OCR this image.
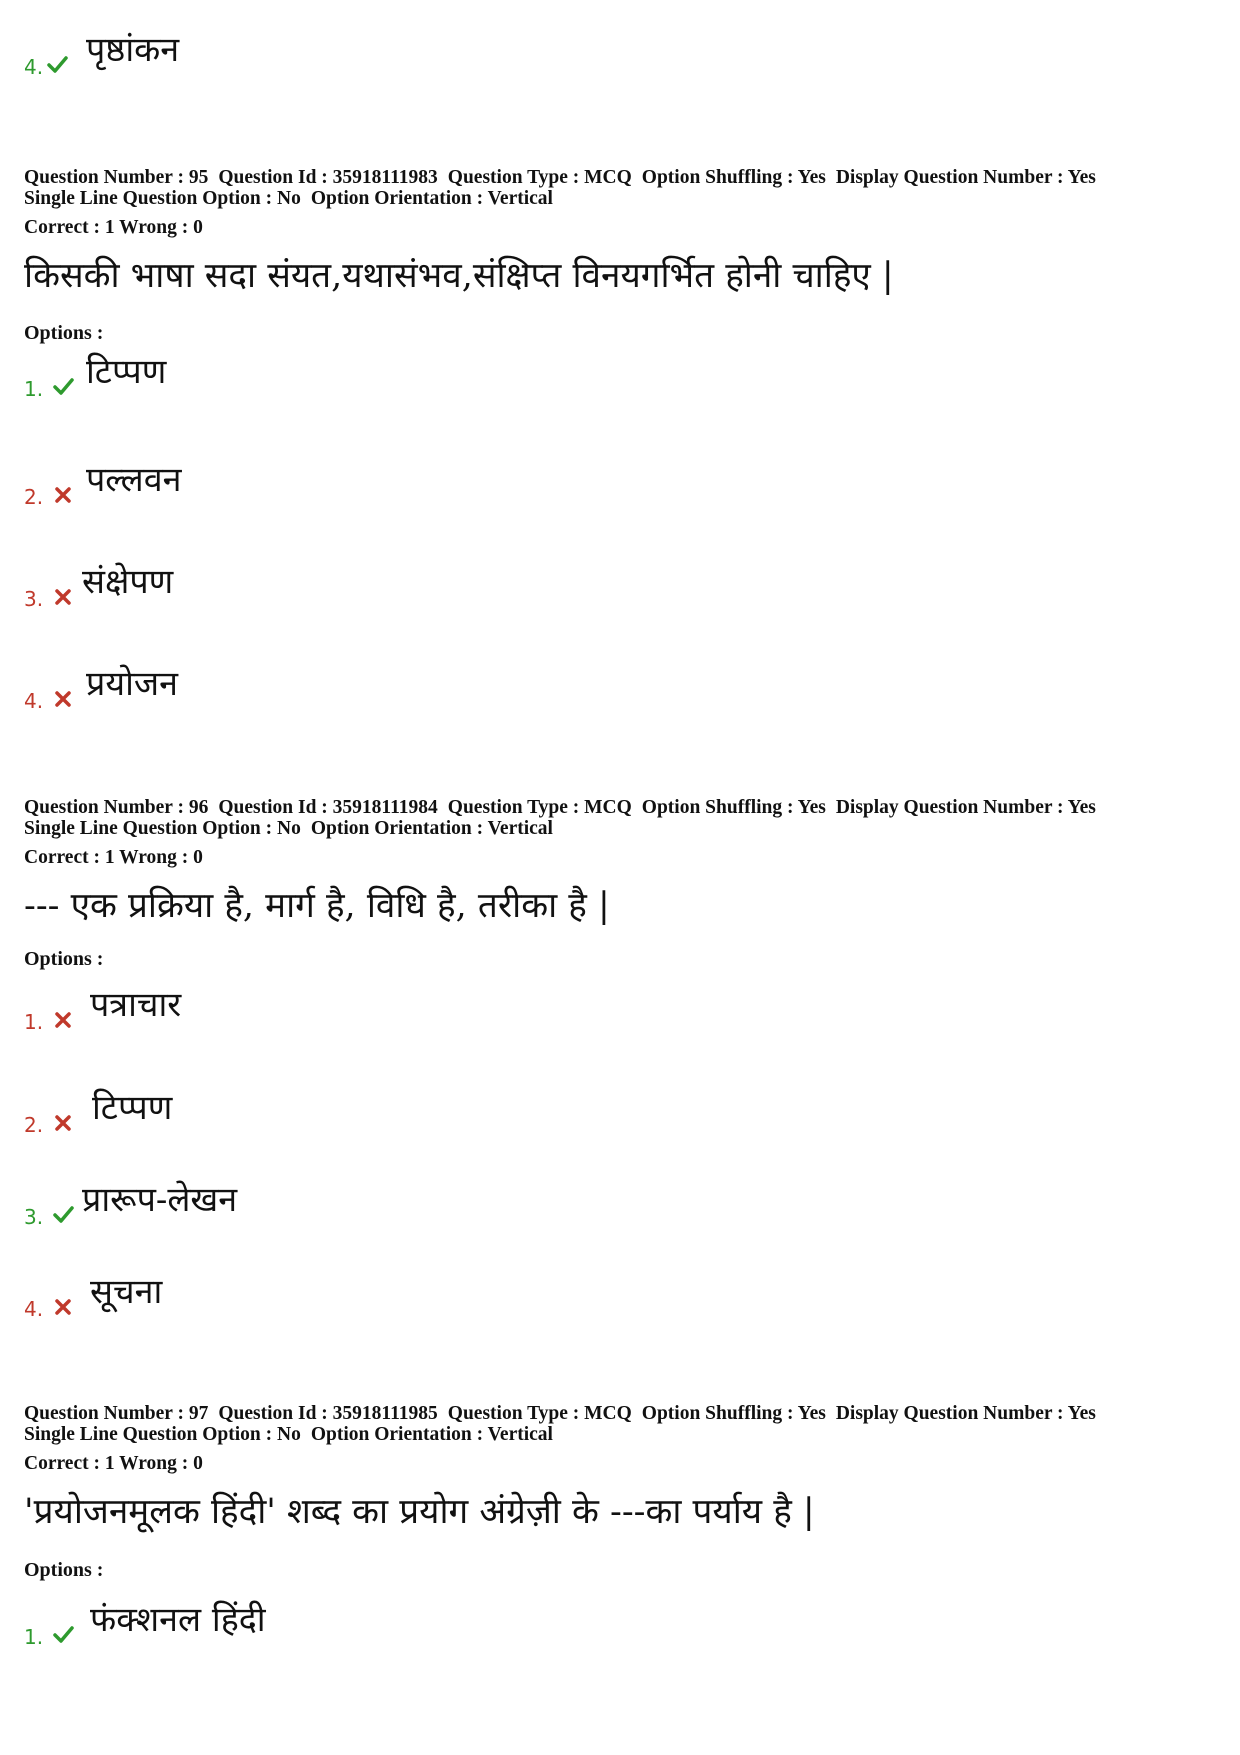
4. पृष्ठांकन
Question Number : 95 Question Id : 35918111983 Question Type : MCQ Option Shuffling : Yes Display Question Number : Yes
Single Line Question Option : No Option Orientation : Vertical
Correct : 1 Wrong : 0
किसकी भाषा सदा संयत,यथासंभव,संक्षिप्त विनयगर्भित होनी चाहिए |
Options :
1. टिप्पण
2. पल्लवन
3. संक्षेपण
4. प्रयोजन
Question Number : 96 Question Id : 35918111984 Question Type : MCQ Option Shuffling : Yes Display Question Number : Yes
Single Line Question Option : No Option Orientation : Vertical
Correct : 1 Wrong : 0
--- एक प्रक्रिया है, मार्ग है, विधि है, तरीका है |
Options :
1. पत्राचार
2. टिप्पण
3. प्रारूप-लेखन
4. सूचना
Question Number : 97 Question Id : 35918111985 Question Type : MCQ Option Shuffling : Yes Display Question Number : Yes
Single Line Question Option : No Option Orientation : Vertical
Correct : 1 Wrong : 0
'प्रयोजनमूलक हिंदी' शब्द का प्रयोग अंग्रेज़ी के ---का पर्याय है |
Options :
1. फंक्शनल हिंदी
